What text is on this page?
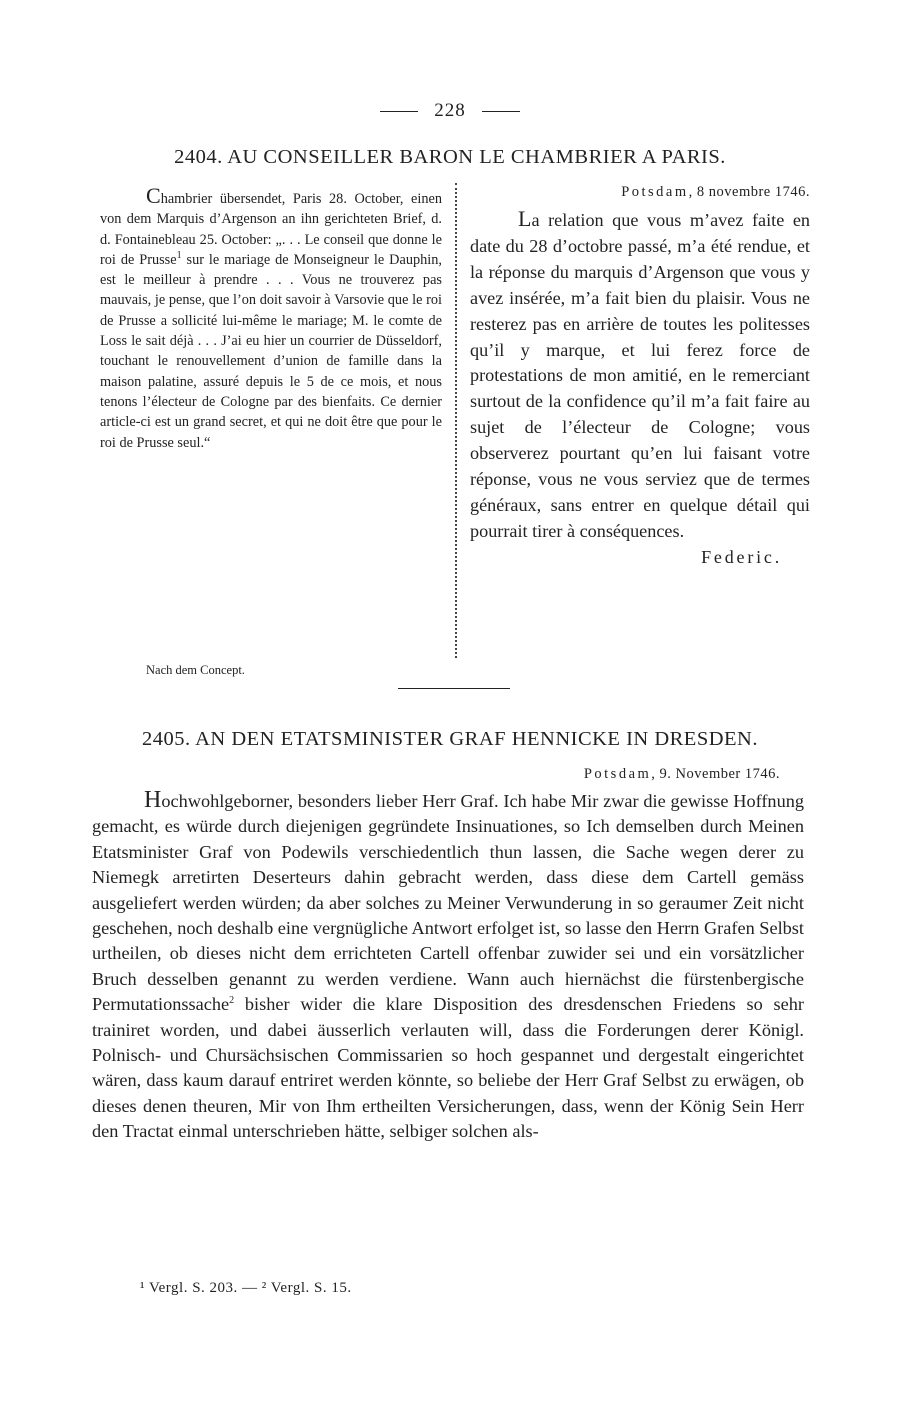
228
2404. AU CONSEILLER BARON LE CHAMBRIER A PARIS.

Chambrier übersendet, Paris 28. October, einen von dem Marquis d’Argenson an ihn gerichteten Brief, d. d. Fontainebleau 25. October: „. . . Le conseil que donne le roi de Prusse$^1$ sur le mariage de Monseigneur le Dauphin, est le meilleur à prendre . . . Vous ne trouverez pas mauvais, je pense, que l’on doit savoir à Varsovie que le roi de Prusse a sollicité lui-même le mariage; M. le comte de Loss le sait déjà . . . J’ai eu hier un courrier de Düsseldorf, touchant le renouvellement d’union de famille dans la maison palatine, assuré depuis le 5 de ce mois, et nous tenons l’électeur de Cologne par des bienfaits. Ce dernier article-ci est un grand secret, et qui ne doit être que pour le roi de Prusse seul.“

Potsdam, 8 novembre 1746.

La relation que vous m’avez faite en date du 28 d’octobre passé, m’a été rendue, et la réponse du marquis d’Argenson que vous y avez insérée, m’a fait bien du plaisir. Vous ne resterez pas en arrière de toutes les politesses qu’il y marque, et lui ferez force de protestations de mon amitié, en le remerciant surtout de la confidence qu’il m’a fait faire au sujet de l’électeur de Cologne; vous observerez pourtant qu’en lui faisant votre réponse, vous ne vous serviez que de termes généraux, sans entrer en quelque détail qui pourrait tirer à conséquences.

Federic.
Nach dem Concept.
2405. AN DEN ETATSMINISTER GRAF HENNICKE IN DRESDEN.
Potsdam, 9. November 1746.

Hochwohlgeborner, besonders lieber Herr Graf. Ich habe Mir zwar die gewisse Hoffnung gemacht, es würde durch diejenigen gegründete Insinuationes, so Ich demselben durch Meinen Etatsminister Graf von Podewils verschiedentlich thun lassen, die Sache wegen derer zu Niemegk arretirten Deserteurs dahin gebracht werden, dass diese dem Cartell gemäss ausgeliefert werden würden; da aber solches zu Meiner Verwunderung in so geraumer Zeit nicht geschehen, noch deshalb eine vergnügliche Antwort erfolget ist, so lasse den Herrn Grafen Selbst urtheilen, ob dieses nicht dem errichteten Cartell offenbar zuwider sei und ein vorsätzlicher Bruch desselben genannt zu werden verdiene. Wann auch hiernächst die fürstenbergische Permutationssache$^2$ bisher wider die klare Disposition des dresdenschen Friedens so sehr trainiret worden, und dabei äusserlich verlauten will, dass die Forderungen derer Königl. Polnisch- und Chursächsischen Commissarien so hoch gespannet und dergestalt eingerichtet wären, dass kaum darauf entriret werden könnte, so beliebe der Herr Graf Selbst zu erwägen, ob dieses denen theuren, Mir von Ihm ertheilten Versicherungen, dass, wenn der König Sein Herr den Tractat einmal unterschrieben hätte, selbiger solchen als-

¹ Vergl. S. 203. — ² Vergl. S. 15.
